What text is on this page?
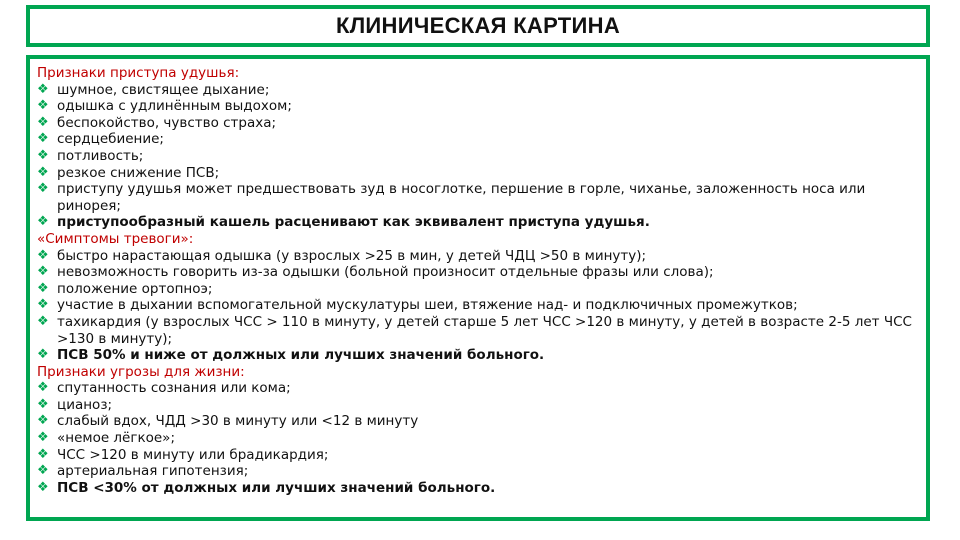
КЛИНИЧЕСКАЯ КАРТИНА
Признаки приступа удушья:
❖ шумное, свистящее дыхание;
❖ одышка с удлинённым выдохом;
❖ беспокойство, чувство страха;
❖ сердцебиение;
❖ потливость;
❖ резкое снижение ПСВ;
❖ приступу удушья может предшествовать зуд в носоглотке, першение в горле, чиханье, заложенность носа или ринорея;
❖ приступообразный кашель расценивают как эквивалент приступа удушья.
«Симптомы тревоги»:
❖ быстро нарастающая одышка (у взрослых >25 в мин, у детей ЧДЦ >50 в минуту);
❖ невозможность говорить из-за одышки (больной произносит отдельные фразы или слова);
❖ положение ортопноэ;
❖ участие в дыхании вспомогательной мускулатуры шеи, втяжение над- и подключичных промежутков;
❖ тахикардия (у взрослых ЧСС > 110 в минуту, у детей старше 5 лет ЧСС >120 в минуту, у детей в возрасте 2-5 лет ЧСС >130 в минуту);
❖ ПСВ 50% и ниже от должных или лучших значений больного.
Признаки угрозы для жизни:
❖ спутанность сознания или кома;
❖ цианоз;
❖ слабый вдох, ЧДД >30 в минуту или <12 в минуту
❖ «немое лёгкое»;
❖ ЧСС >120 в минуту или брадикардия;
❖ артериальная гипотензия;
❖ ПСВ <30% от должных или лучших значений больного.
